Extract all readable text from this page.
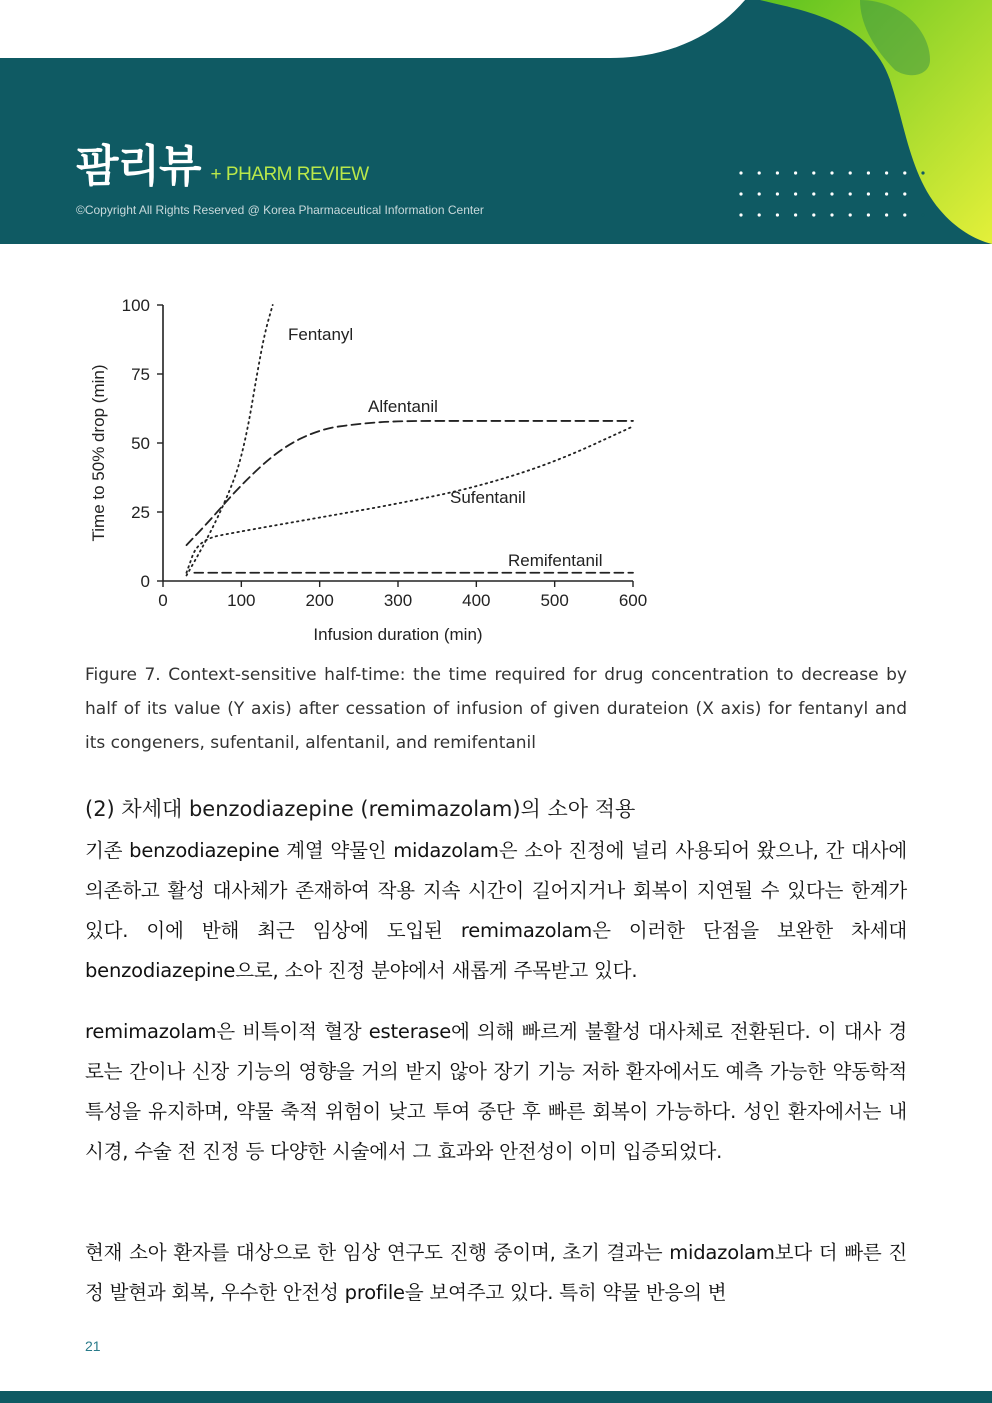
팜리뷰 + PHARM REVIEW
©Copyright All Rights Reserved @ Korea Pharmaceutical Information Center
0	100	200	300	400	500	600
0
25
50
75
100
Infusion duration (min)
Time to 50% drop (min)
Fentanyl
Alfentanil
Sufentanil
Remifentanil
Figure 7. Context-sensitive half-time: the time required for drug concentration to decrease by half of its value (Y axis) after cessation of infusion of given durateion (X axis) for fentanyl and its congeners, sufentanil, alfentanil, and remifentanil
(2) 차세대 benzodiazepine (remimazolam)의 소아 적용
기존 benzodiazepine 계열 약물인 midazolam은 소아 진정에 널리 사용되어 왔으나, 간 대사에 의존하고 활성 대사체가 존재하여 작용 지속 시간이 길어지거나 회복이 지연될 수 있다는 한계가 있다. 이에 반해 최근 임상에 도입된 remimazolam은 이러한 단점을 보완한 차세대 benzodiazepine으로, 소아 진정 분야에서 새롭게 주목받고 있다.
remimazolam은 비특이적 혈장 esterase에 의해 빠르게 불활성 대사체로 전환된다. 이 대사 경로는 간이나 신장 기능의 영향을 거의 받지 않아 장기 기능 저하 환자에서도 예측 가능한 약동학적 특성을 유지하며, 약물 축적 위험이 낮고 투여 중단 후 빠른 회복이 가능하다. 성인 환자에서는 내시경, 수술 전 진정 등 다양한 시술에서 그 효과와 안전성이 이미 입증되었다.
현재 소아 환자를 대상으로 한 임상 연구도 진행 중이며, 초기 결과는 midazolam보다 더 빠른 진정 발현과 회복, 우수한 안전성 profile을 보여주고 있다. 특히 약물 반응의 변
21
